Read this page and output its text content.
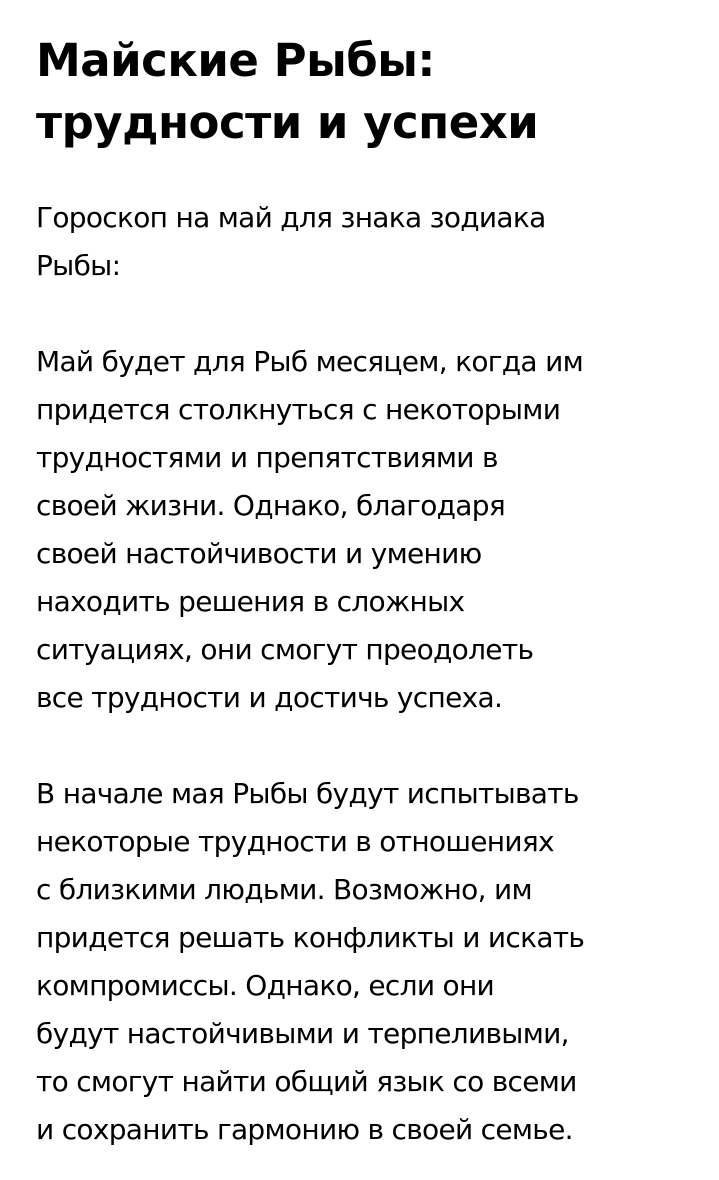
Майские Рыбы:
трудности и успехи

Гороскоп на май для знака зодиака
Рыбы:

Май будет для Рыб месяцем, когда им
придется столкнуться с некоторыми
трудностями и препятствиями в
своей жизни. Однако, благодаря
своей настойчивости и умению
находить решения в сложных
ситуациях, они смогут преодолеть
все трудности и достичь успеха.

В начале мая Рыбы будут испытывать
некоторые трудности в отношениях
с близкими людьми. Возможно, им
придется решать конфликты и искать
компромиссы. Однако, если они
будут настойчивыми и терпеливыми,
то смогут найти общий язык со всеми
и сохранить гармонию в своей семье.
